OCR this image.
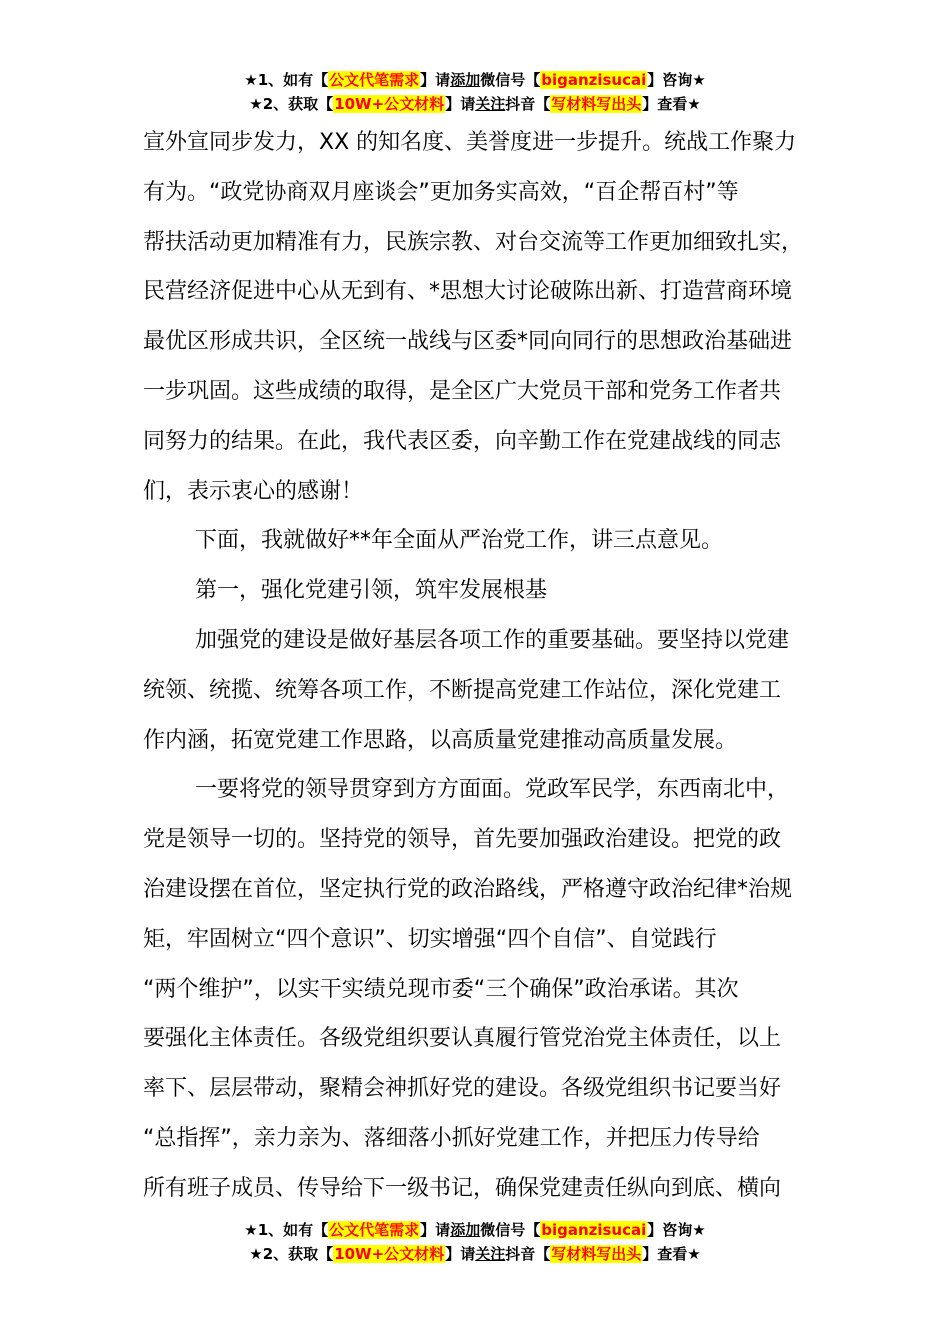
★1、如有【公文代笔需求】请添加微信号【biganzisucai】咨询★
★2、获取【10W+公文材料】请关注抖音【写材料写出头】查看★
宣外宣同步发力，XX 的知名度、美誉度进一步提升。统战工作聚力
有为。“政党协商双月座谈会”更加务实高效，“百企帮百村”等
帮扶活动更加精准有力，民族宗教、对台交流等工作更加细致扎实，
民营经济促进中心从无到有、*思想大讨论破陈出新、打造营商环境
最优区形成共识，全区统一战线与区委*同向同行的思想政治基础进
一步巩固。这些成绩的取得，是全区广大党员干部和党务工作者共
同努力的结果。在此，我代表区委，向辛勤工作在党建战线的同志
们，表示衷心的感谢！
下面，我就做好**年全面从严治党工作，讲三点意见。
第一，强化党建引领，筑牢发展根基
加强党的建设是做好基层各项工作的重要基础。要坚持以党建
统领、统揽、统筹各项工作，不断提高党建工作站位，深化党建工
作内涵，拓宽党建工作思路，以高质量党建推动高质量发展。
一要将党的领导贯穿到方方面面。党政军民学，东西南北中，
党是领导一切的。坚持党的领导，首先要加强政治建设。把党的政
治建设摆在首位，坚定执行党的政治路线，严格遵守政治纪律*治规
矩，牢固树立“四个意识”、切实增强“四个自信”、自觉践行
“两个维护”，以实干实绩兑现市委“三个确保”政治承诺。其次
要强化主体责任。各级党组织要认真履行管党治党主体责任，以上
率下、层层带动，聚精会神抓好党的建设。各级党组织书记要当好
“总指挥”，亲力亲为、落细落小抓好党建工作，并把压力传导给
所有班子成员、传导给下一级书记，确保党建责任纵向到底、横向
★1、如有【公文代笔需求】请添加微信号【biganzisucai】咨询★
★2、获取【10W+公文材料】请关注抖音【写材料写出头】查看★
